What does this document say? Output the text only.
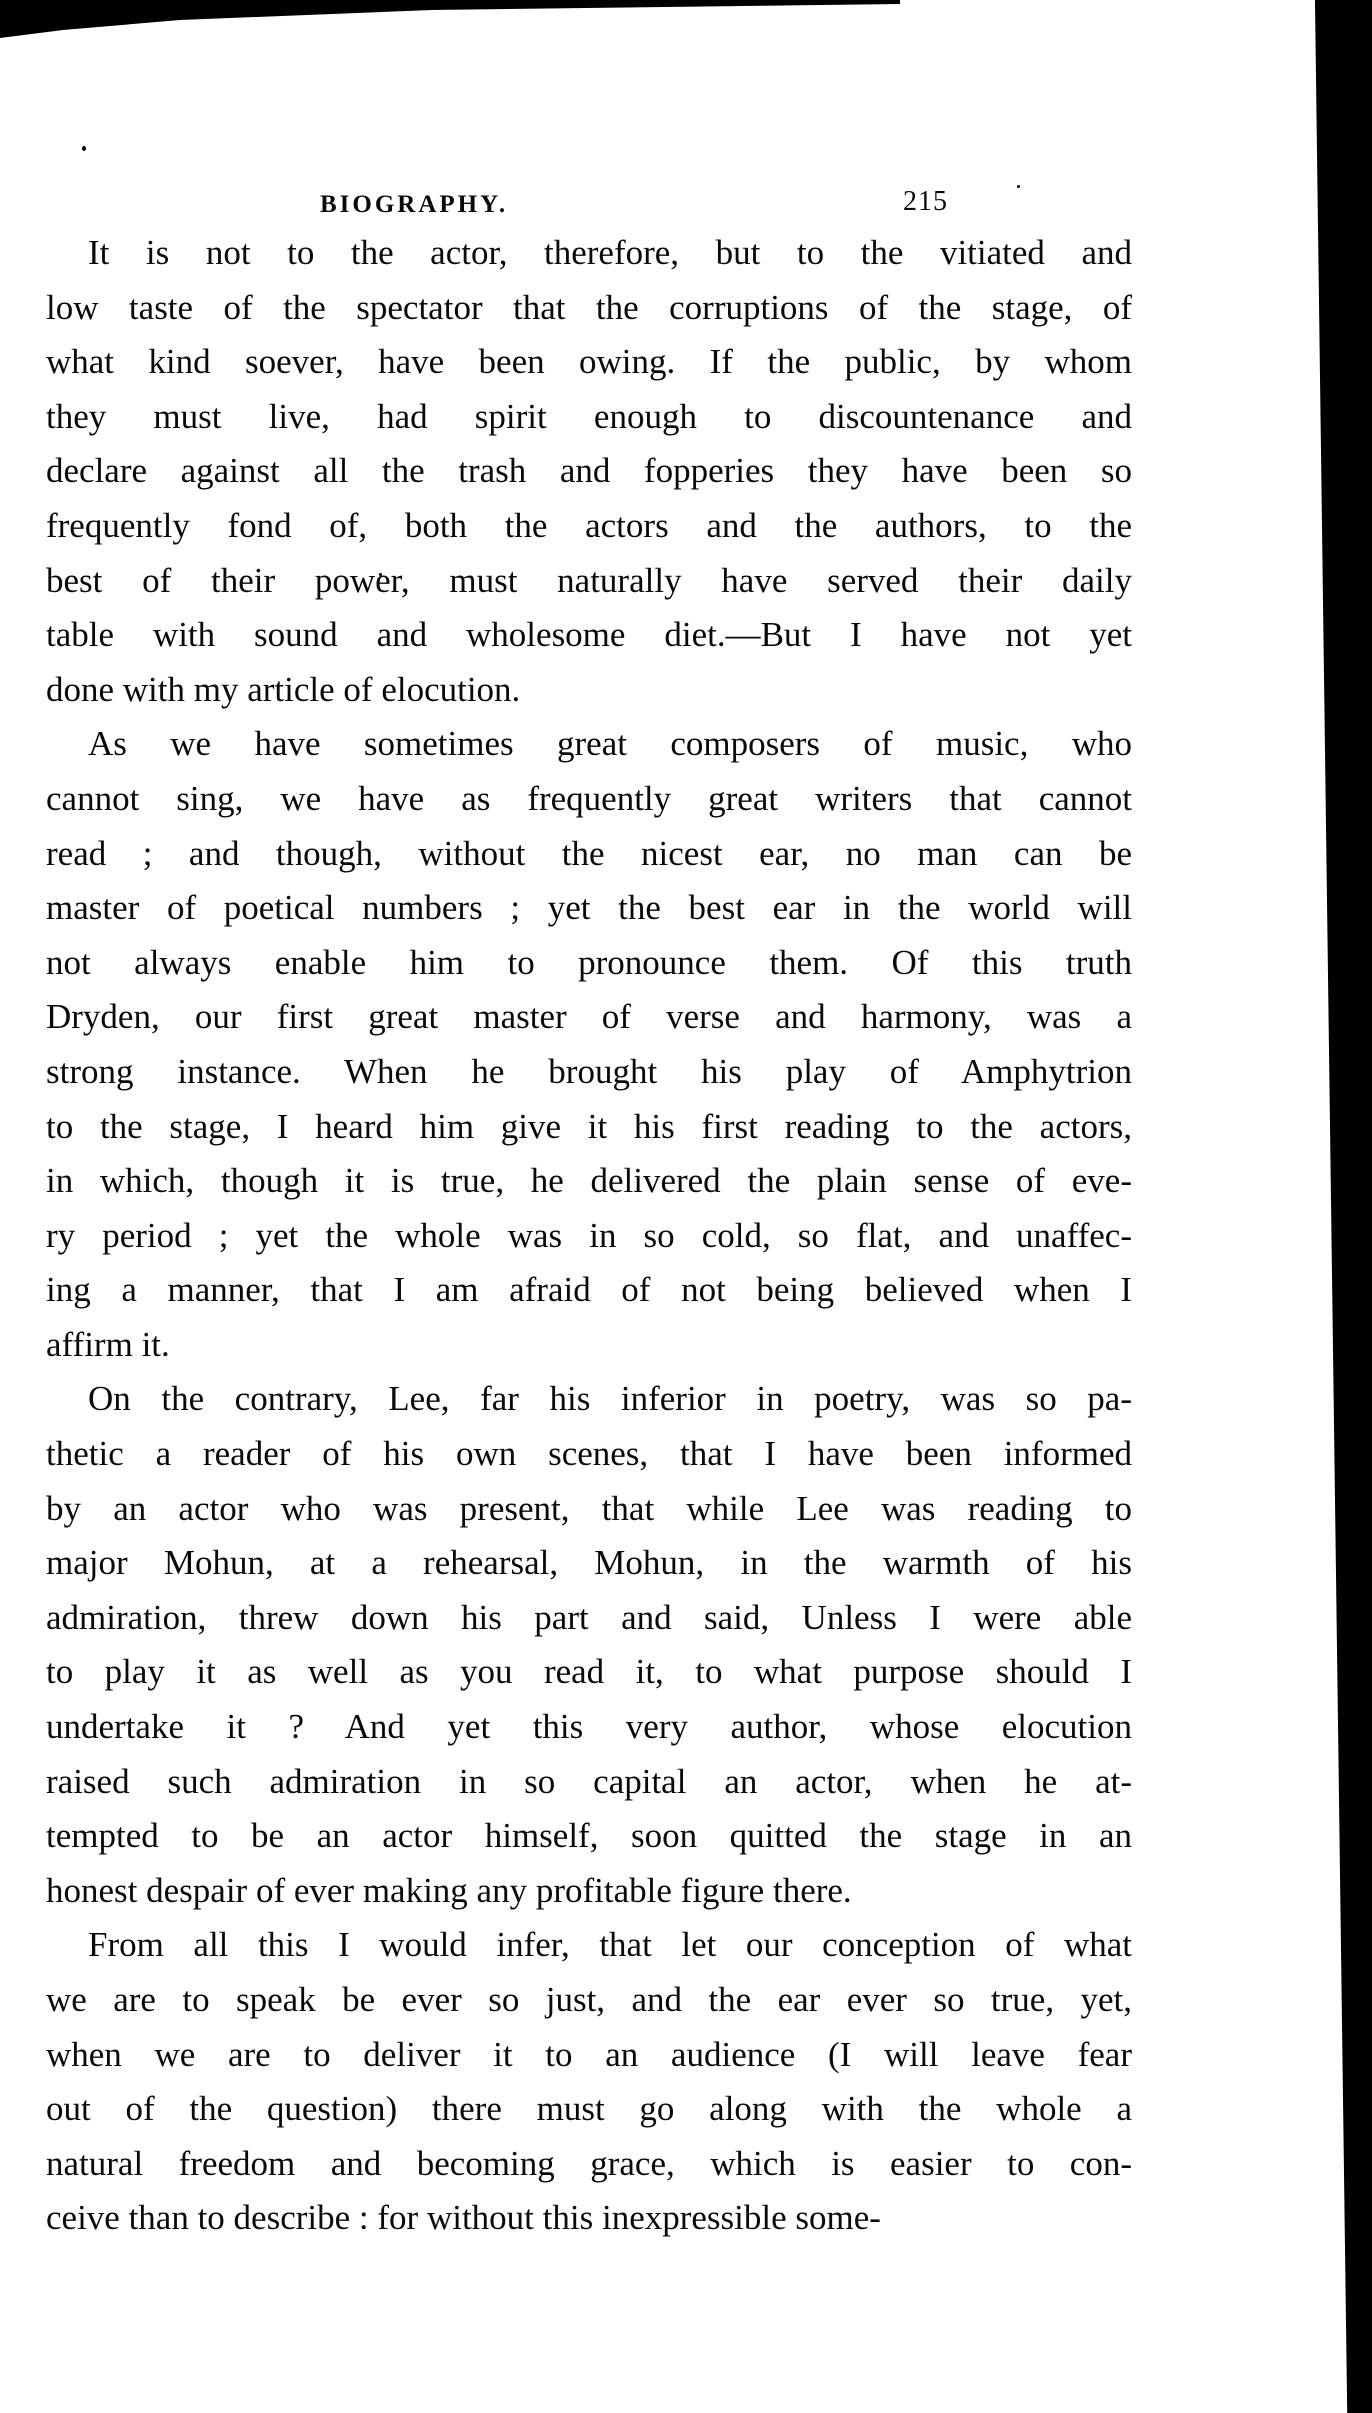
BIOGRAPHY.	215
It is not to the actor, therefore, but to the vitiated and
low taste of the spectator that the corruptions of the stage, of
what kind soever, have been owing. If the public, by whom
they must live, had spirit enough to discountenance and
declare against all the trash and fopperies they have been so
frequently fond of, both the actors and the authors, to the
best of their power, must naturally have served their daily
table with sound and wholesome diet.—But I have not yet
done with my article of elocution.
As we have sometimes great composers of music, who
cannot sing, we have as frequently great writers that cannot
read ; and though, without the nicest ear, no man can be
master of poetical numbers ; yet the best ear in the world will
not always enable him to pronounce them. Of this truth
Dryden, our first great master of verse and harmony, was a
strong instance. When he brought his play of Amphytrion
to the stage, I heard him give it his first reading to the actors,
in which, though it is true, he delivered the plain sense of eve-
ry period ; yet the whole was in so cold, so flat, and unaffec-
ing a manner, that I am afraid of not being believed when I
affirm it.
On the contrary, Lee, far his inferior in poetry, was so pa-
thetic a reader of his own scenes, that I have been informed
by an actor who was present, that while Lee was reading to
major Mohun, at a rehearsal, Mohun, in the warmth of his
admiration, threw down his part and said, Unless I were able
to play it as well as you read it, to what purpose should I
undertake it ? And yet this very author, whose elocution
raised such admiration in so capital an actor, when he at-
tempted to be an actor himself, soon quitted the stage in an
honest despair of ever making any profitable figure there.
From all this I would infer, that let our conception of what
we are to speak be ever so just, and the ear ever so true, yet,
when we are to deliver it to an audience (I will leave fear
out of the question) there must go along with the whole a
natural freedom and becoming grace, which is easier to con-
ceive than to describe : for without this inexpressible some-
